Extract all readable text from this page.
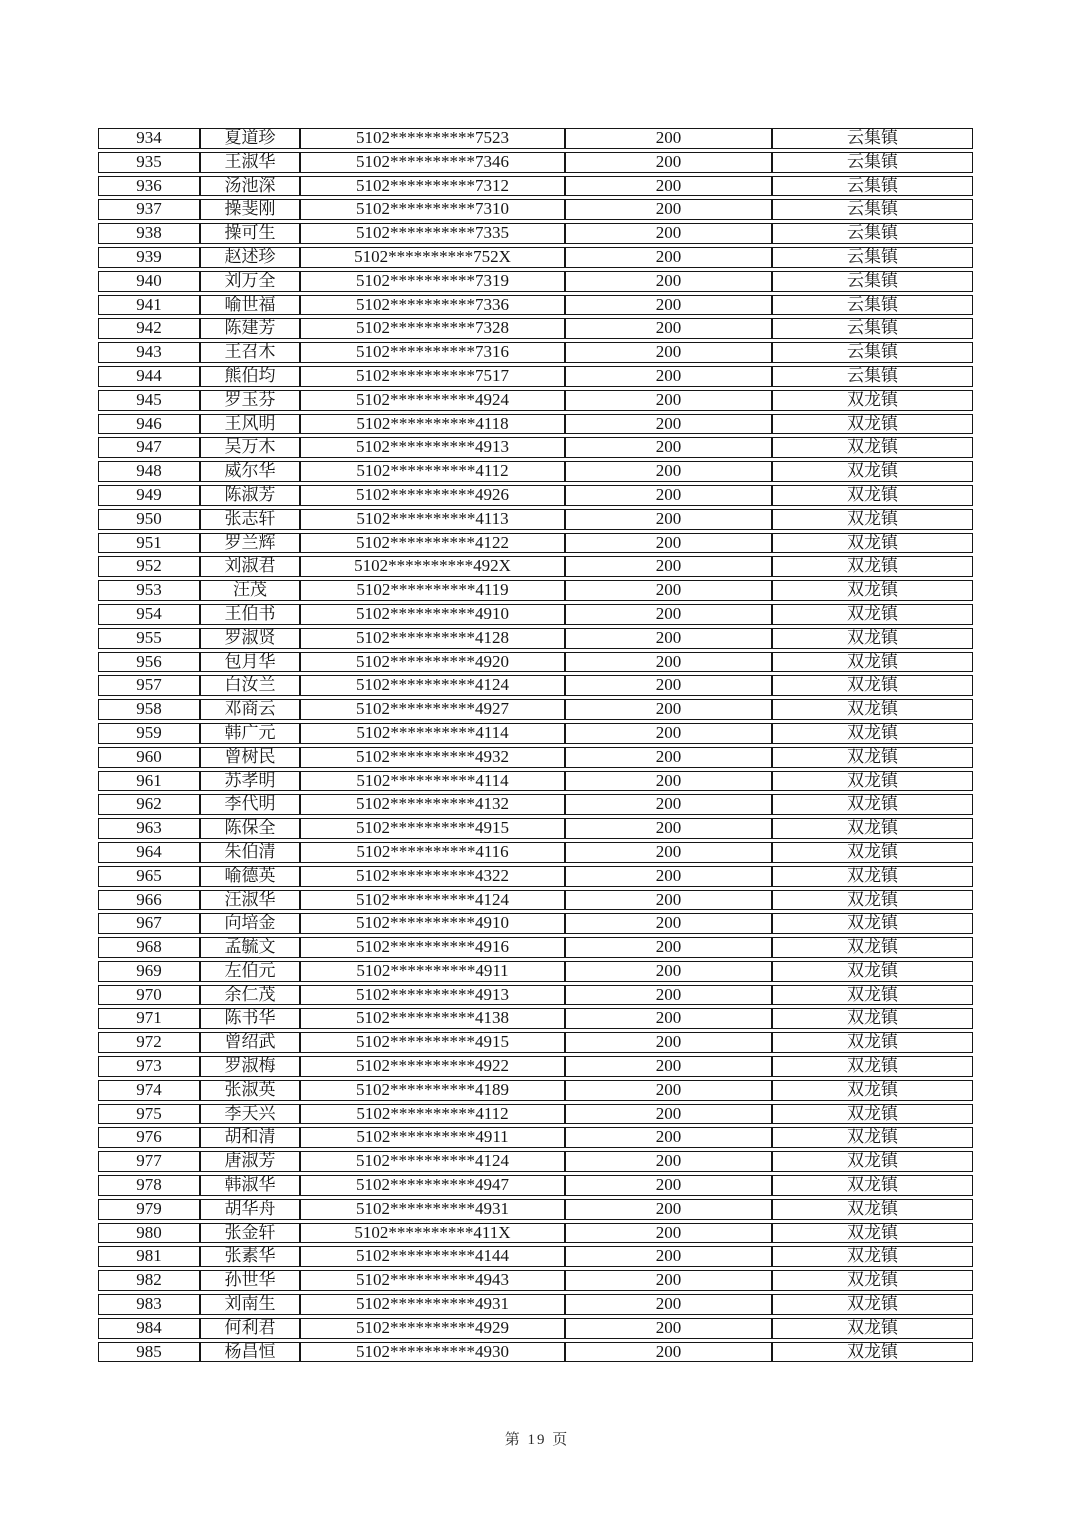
934	夏道珍	5102**********7523	200	云集镇
935	王淑华	5102**********7346	200	云集镇
936	汤池深	5102**********7312	200	云集镇
937	操斐刚	5102**********7310	200	云集镇
938	操可生	5102**********7335	200	云集镇
939	赵述珍	5102**********752X	200	云集镇
940	刘万全	5102**********7319	200	云集镇
941	喻世福	5102**********7336	200	云集镇
942	陈建芳	5102**********7328	200	云集镇
943	王召木	5102**********7316	200	云集镇
944	熊伯均	5102**********7517	200	云集镇
945	罗玉芬	5102**********4924	200	双龙镇
946	王风明	5102**********4118	200	双龙镇
947	吴万木	5102**********4913	200	双龙镇
948	威尔华	5102**********4112	200	双龙镇
949	陈淑芳	5102**********4926	200	双龙镇
950	张志轩	5102**********4113	200	双龙镇
951	罗兰辉	5102**********4122	200	双龙镇
952	刘淑君	5102**********492X	200	双龙镇
953	汪茂	5102**********4119	200	双龙镇
954	王伯书	5102**********4910	200	双龙镇
955	罗淑贤	5102**********4128	200	双龙镇
956	包月华	5102**********4920	200	双龙镇
957	白汝兰	5102**********4124	200	双龙镇
958	邓商云	5102**********4927	200	双龙镇
959	韩广元	5102**********4114	200	双龙镇
960	曾树民	5102**********4932	200	双龙镇
961	苏孝明	5102**********4114	200	双龙镇
962	李代明	5102**********4132	200	双龙镇
963	陈保全	5102**********4915	200	双龙镇
964	朱伯清	5102**********4116	200	双龙镇
965	喻德英	5102**********4322	200	双龙镇
966	汪淑华	5102**********4124	200	双龙镇
967	向培金	5102**********4910	200	双龙镇
968	孟毓文	5102**********4916	200	双龙镇
969	左伯元	5102**********4911	200	双龙镇
970	余仁茂	5102**********4913	200	双龙镇
971	陈书华	5102**********4138	200	双龙镇
972	曾绍武	5102**********4915	200	双龙镇
973	罗淑梅	5102**********4922	200	双龙镇
974	张淑英	5102**********4189	200	双龙镇
975	李天兴	5102**********4112	200	双龙镇
976	胡和清	5102**********4911	200	双龙镇
977	唐淑芳	5102**********4124	200	双龙镇
978	韩淑华	5102**********4947	200	双龙镇
979	胡华舟	5102**********4931	200	双龙镇
980	张金轩	5102**********411X	200	双龙镇
981	张素华	5102**********4144	200	双龙镇
982	孙世华	5102**********4943	200	双龙镇
983	刘南生	5102**********4931	200	双龙镇
984	何利君	5102**********4929	200	双龙镇
985	杨昌恒	5102**********4930	200	双龙镇
第 19 页
